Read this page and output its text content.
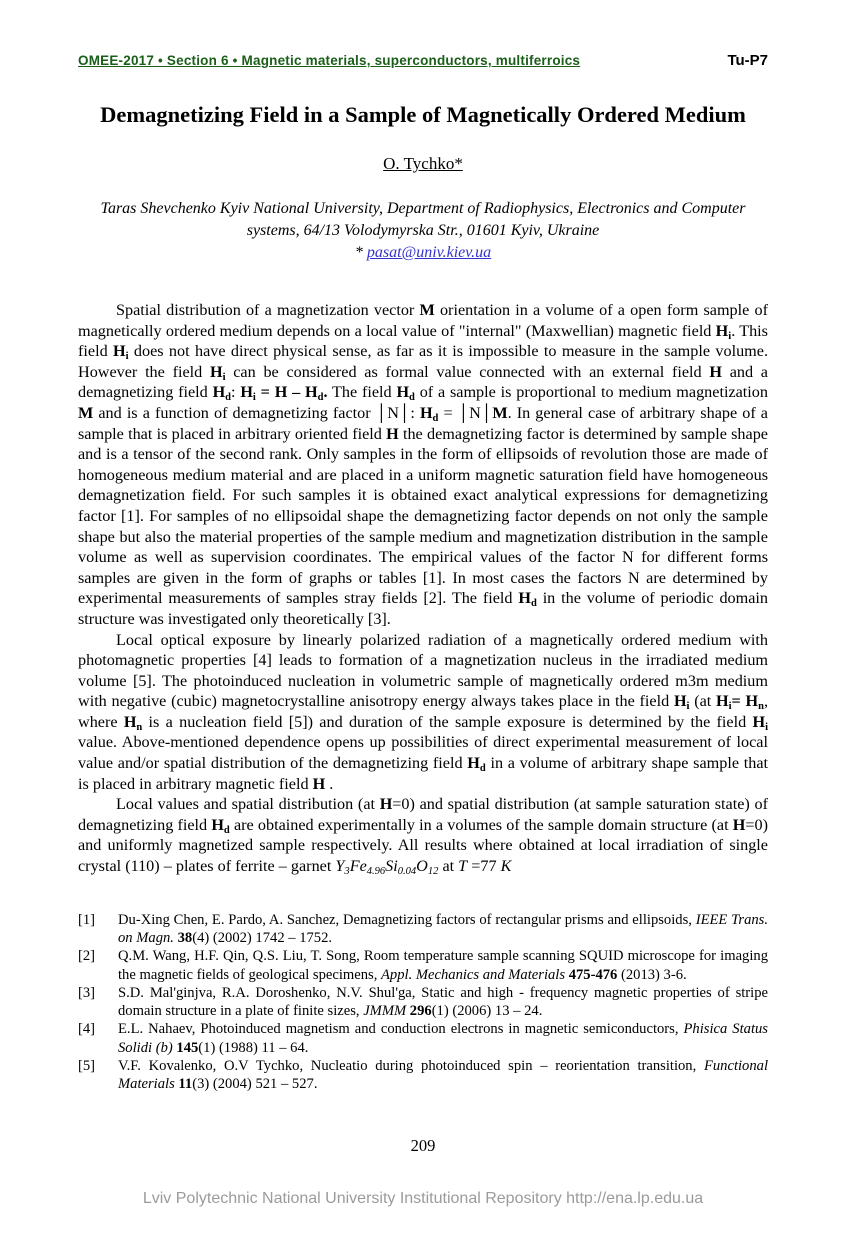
OMEE-2017 • Section 6 • Magnetic materials, superconductors, multiferroics	Tu-P7
Demagnetizing Field in a Sample of Magnetically Ordered Medium
O. Tychko*
Taras Shevchenko Kyiv National University, Department of Radiophysics, Electronics and Computer systems, 64/13 Volodymyrska Str., 01601 Kyiv, Ukraine
* pasat@univ.kiev.ua

Spatial distribution of a magnetization vector M orientation in a volume of a open form sample of magnetically ordered medium depends on a local value of "internal" (Maxwellian) magnetic field Hi. This field Hi does not have direct physical sense, as far as it is impossible to measure in the sample volume. However the field Hi can be considered as formal value connected with an external field H and a demagnetizing field Hd: Hi = H – Hd. The field Hd of a sample is proportional to medium magnetization M and is a function of demagnetizing factor │N│: Hd = │N│M. In general case of arbitrary shape of a sample that is placed in arbitrary oriented field H the demagnetizing factor is determined by sample shape and is a tensor of the second rank. Only samples in the form of ellipsoids of revolution those are made of homogeneous medium material and are placed in a uniform magnetic saturation field have homogeneous demagnetization field. For such samples it is obtained exact analytical expressions for demagnetizing factor [1]. For samples of no ellipsoidal shape the demagnetizing factor depends on not only the sample shape but also the material properties of the sample medium and magnetization distribution in the sample volume as well as supervision coordinates. The empirical values of the factor N for different forms samples are given in the form of graphs or tables [1]. In most cases the factors N are determined by experimental measurements of samples stray fields [2]. The field Hd in the volume of periodic domain structure was investigated only theoretically [3].

Local optical exposure by linearly polarized radiation of a magnetically ordered medium with photomagnetic properties [4] leads to formation of a magnetization nucleus in the irradiated medium volume [5]. The photoinduced nucleation in volumetric sample of magnetically ordered m3m medium with negative (cubic) magnetocrystalline anisotropy energy always takes place in the field Hi (at Hi= Hn, where Hn is a nucleation field [5]) and duration of the sample exposure is determined by the field Hi value. Above-mentioned dependence opens up possibilities of direct experimental measurement of local value and/or spatial distribution of the demagnetizing field Hd in a volume of arbitrary shape sample that is placed in arbitrary magnetic field H .

Local values and spatial distribution (at H=0) and spatial distribution (at sample saturation state) of demagnetizing field Hd are obtained experimentally in a volumes of the sample domain structure (at H=0) and uniformly magnetized sample respectively. All results where obtained at local irradiation of single crystal (110) – plates of ferrite – garnet Y3Fe4.96Si0.04O12 at T =77 K

[1]	Du-Xing Chen, E. Pardo, A. Sanchez, Demagnetizing factors of rectangular prisms and ellipsoids, IEEE Trans. on Magn. 38(4) (2002) 1742 – 1752.
[2]	Q.M. Wang, H.F. Qin, Q.S. Liu, T. Song, Room temperature sample scanning SQUID microscope for imaging the magnetic fields of geological specimens, Appl. Mechanics and Materials 475-476 (2013) 3-6.
[3]	S.D. Mal'ginjva, R.A. Doroshenko, N.V. Shul'ga, Static and high - frequency magnetic properties of stripe domain structure in a plate of finite sizes, JMMM 296(1) (2006) 13 – 24.
[4]	E.L. Nahaev, Photoinduced magnetism and conduction electrons in magnetic semiconductors, Phisica Status Solidi (b) 145(1) (1988) 11 – 64.
[5]	V.F. Kovalenko, O.V Tychko, Nucleatio during photoinduced spin – reorientation transition, Functional Materials 11(3) (2004) 521 – 527.
209
Lviv Polytechnic National University Institutional Repository http://ena.lp.edu.ua
